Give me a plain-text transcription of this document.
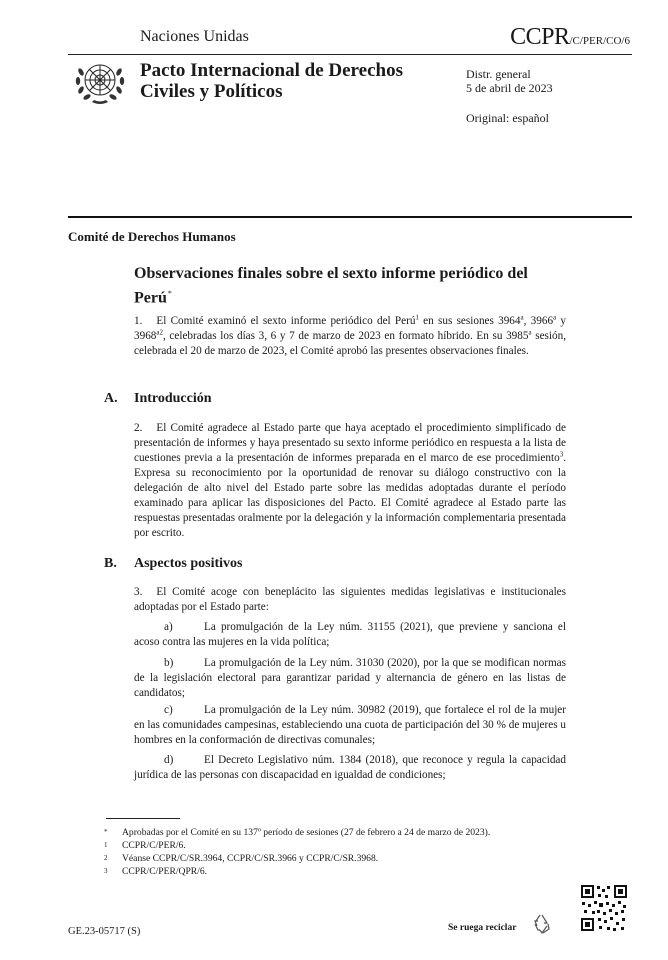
Naciones Unidas	CCPR/C/PER/CO/6
Pacto Internacional de Derechos
Civiles y Políticos
Distr. general
5 de abril de 2023
Original: español
Comité de Derechos Humanos
Observaciones finales sobre el sexto informe periódico del
Perú*
1. El Comité examinó el sexto informe periódico del Perú$^1$ en sus sesiones 3964$^a$, 3966$^a$ y $3968^{a2}$, celebradas los días 3, 6 y 7 de marzo de 2023 en formato híbrido. En su 3985$^a$ sesión, celebrada el 20 de marzo de 2023, el Comité aprobó las presentes observaciones finales.
A. Introducción
2. El Comité agradece al Estado parte que haya aceptado el procedimiento simplificado de presentación de informes y haya presentado su sexto informe periódico en respuesta a la lista de cuestiones previa a la presentación de informes preparada en el marco de ese procedimiento$^3$. Expresa su reconocimiento por la oportunidad de renovar su diálogo constructivo con la delegación de alto nivel del Estado parte sobre las medidas adoptadas durante el período examinado para aplicar las disposiciones del Pacto. El Comité agradece al Estado parte las respuestas presentadas oralmente por la delegación y la información complementaria presentada por escrito.
B. Aspectos positivos
3. El Comité acoge con beneplácito las siguientes medidas legislativas e institucionales adoptadas por el Estado parte:
a)	La promulgación de la Ley núm. 31155 (2021), que previene y sanciona el acoso contra las mujeres en la vida política;
b)	La promulgación de la Ley núm. 31030 (2020), por la que se modifican normas de la legislación electoral para garantizar paridad y alternancia de género en las listas de candidatos;
c)	La promulgación de la Ley núm. 30982 (2019), que fortalece el rol de la mujer en las comunidades campesinas, estableciendo una cuota de participación del 30 % de mujeres u hombres en la conformación de directivas comunales;
d)	El Decreto Legislativo núm. 1384 (2018), que reconoce y regula la capacidad jurídica de las personas con discapacidad en igualdad de condiciones;
* Aprobadas por el Comité en su 137º período de sesiones (27 de febrero a 24 de marzo de 2023).
1 CCPR/C/PER/6.
2 Véanse CCPR/C/SR.3964, CCPR/C/SR.3966 y CCPR/C/SR.3968.
3 CCPR/C/PER/QPR/6.
GE.23-05717 (S)	Se ruega reciclar
